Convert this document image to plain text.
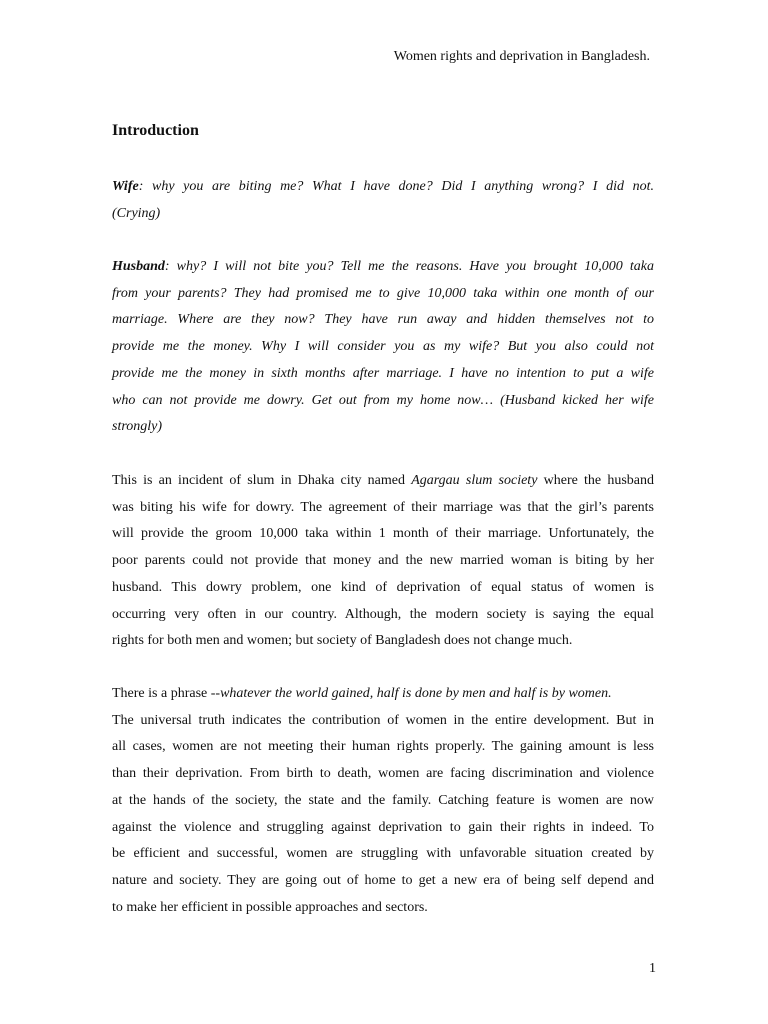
Women rights and deprivation in Bangladesh.
Introduction

Wife: why you are biting me? What I have done? Did I anything wrong? I did not.
(Crying)

Husband: why? I will not bite you? Tell me the reasons. Have you brought 10,000 taka
from your parents? They had promised me to give 10,000 taka within one month of our
marriage. Where are they now? They have run away and hidden themselves not to
provide me the money. Why I will consider you as my wife? But you also could not
provide me the money in sixth months after marriage. I have no intention to put a wife
who can not provide me dowry. Get out from my home now… (Husband kicked her wife
strongly)

This is an incident of slum in Dhaka city named Agargau slum society where the husband
was biting his wife for dowry. The agreement of their marriage was that the girl’s parents
will provide the groom 10,000 taka within 1 month of their marriage. Unfortunately, the
poor parents could not provide that money and the new married woman is biting by her
husband. This dowry problem, one kind of deprivation of equal status of women is
occurring very often in our country. Although, the modern society is saying the equal
rights for both men and women; but society of Bangladesh does not change much.

There is a phrase --whatever the world gained, half is done by men and half is by women.
The universal truth indicates the contribution of women in the entire development. But in
all cases, women are not meeting their human rights properly. The gaining amount is less
than their deprivation. From birth to death, women are facing discrimination and violence
at the hands of the society, the state and the family. Catching feature is women are now
against the violence and struggling against deprivation to gain their rights in indeed. To
be efficient and successful, women are struggling with unfavorable situation created by
nature and society. They are going out of home to get a new era of being self depend and
to make her efficient in possible approaches and sectors.

1
